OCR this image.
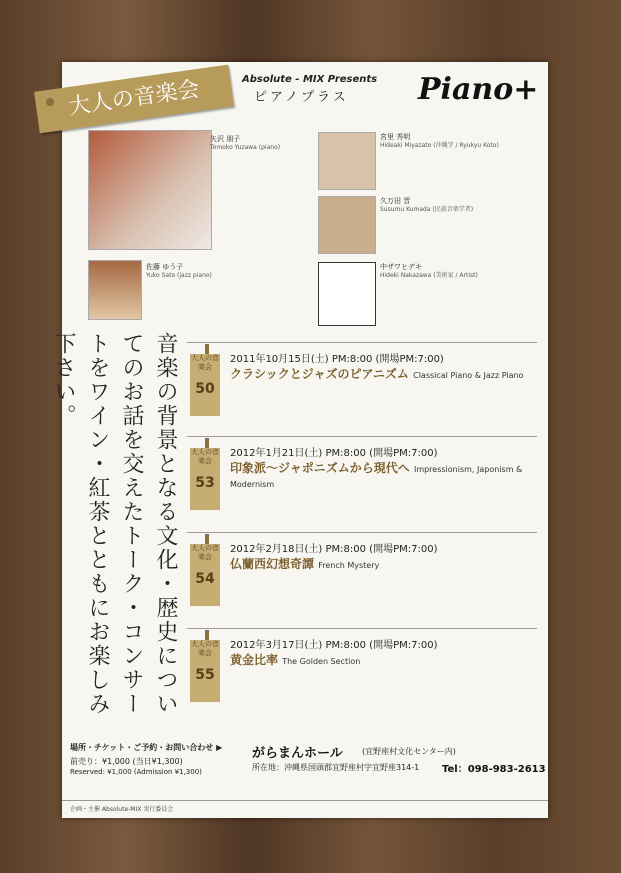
Absolute - MIX Presents
ピアノプラス Piano+
矢沢 朋子
Tomoko Yuzawa (piano)
宮里 秀明
Hideaki Miyazato (沖縄学 / Ryukyu Koto)
久万田 晋
Susumu Kumada (民族音楽学者)
佐藤 ゆう子
Yuko Sato (jazz piano)
中ザワヒデキ
Hideki Nakazawa (美術家 / Artist)
音楽の背景となる文化・歴史についてのお話を交えたトーク・コンサートをワイン・紅茶とともにお楽しみ下さい。	大人の音楽会
50
2011年10月15日(土) PM:8:00 (開場PM:7:00)
クラシックとジャズのピアニズム Classical Piano & Jazz Piano
大人の音楽会
53
2012年1月21日(土) PM:8:00 (開場PM:7:00)
印象派〜ジャポニズムから現代へ Impressionism, Japonism & Modernism
大人の音楽会
54
2012年2月18日(土) PM:8:00 (開場PM:7:00)
仏蘭西幻想奇譚 French Mystery
大人の音楽会
55
2012年3月17日(土) PM:8:00 (開場PM:7:00)
黄金比率 The Golden Section
場所・チケット・ご予約・お問い合わせ ▶
前売り：¥1,000 (当日¥1,300)
Reserved: ¥1,000 (Admission ¥1,300)
がらまんホール (宜野座村文化センター内)
所在地：沖縄県国頭郡宜野座村字宜野座314-1 Tel：098-983-2613
企画・主催 Absolute-MIX 実行委員会
大人の音楽会
